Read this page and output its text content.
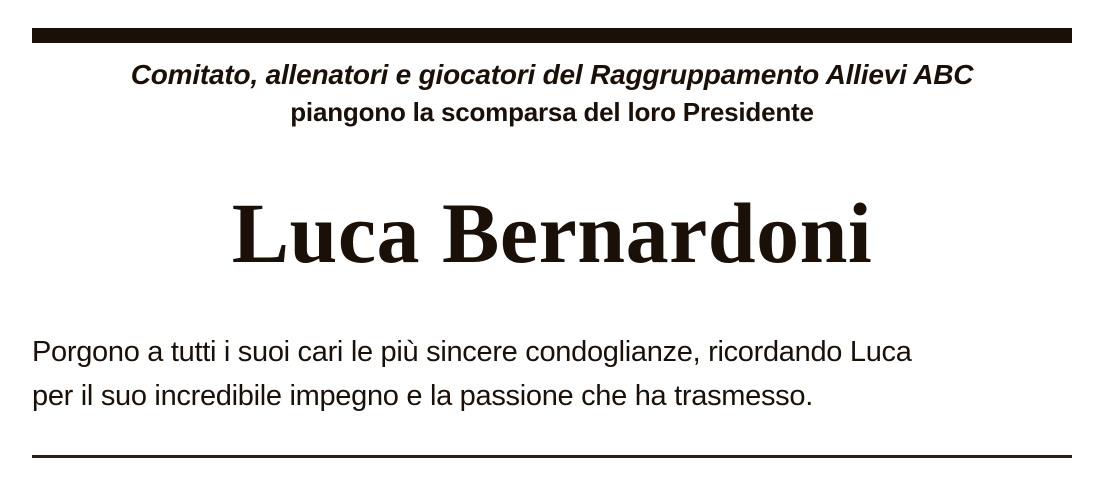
Comitato, allenatori e giocatori del Raggruppamento Allievi ABC
piangono la scomparsa del loro Presidente
Luca Bernardoni
Porgono a tutti i suoi cari le più sincere condoglianze, ricordando Luca
per il suo incredibile impegno e la passione che ha trasmesso.
